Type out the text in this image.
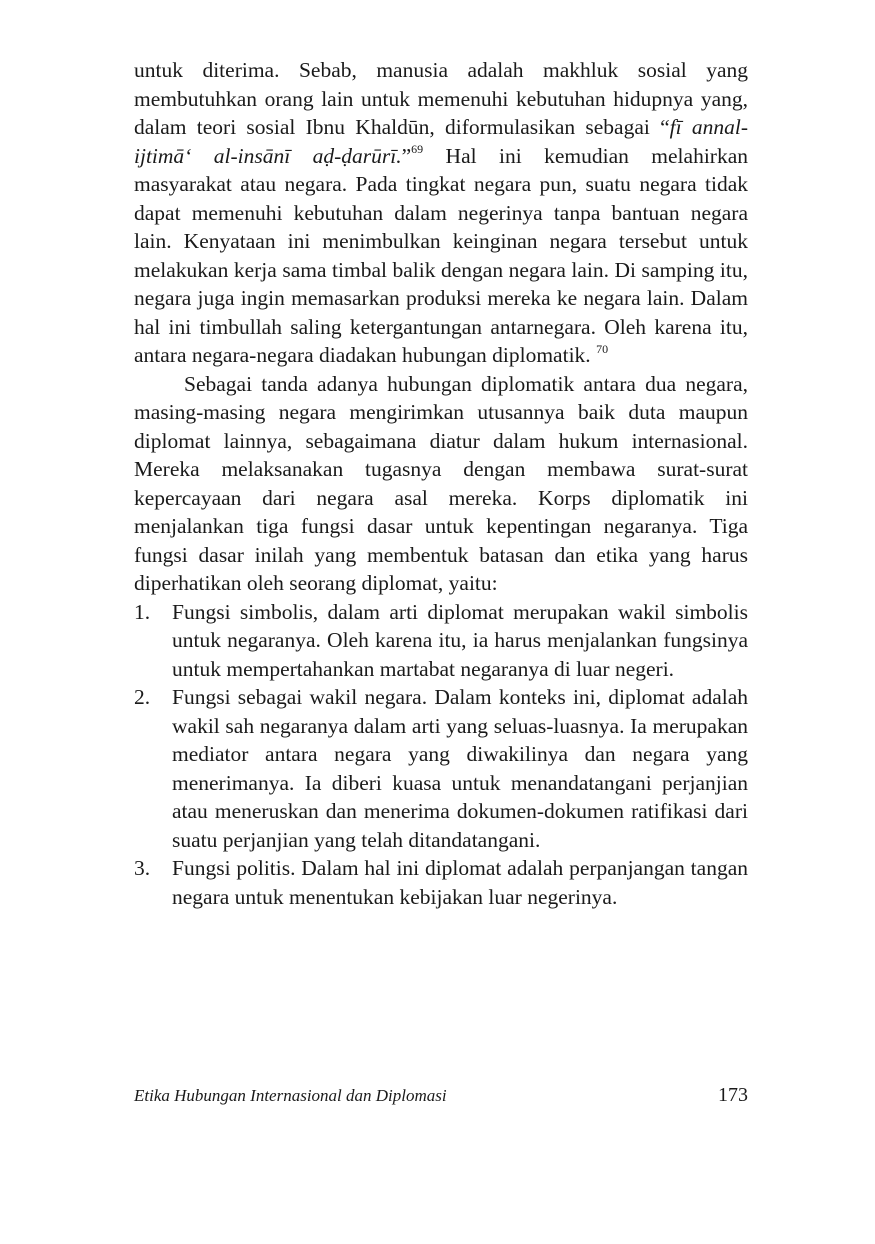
untuk diterima. Sebab, manusia adalah makhluk sosial yang membutuhkan orang lain untuk memenuhi kebutuhan hidupnya yang, dalam teori sosial Ibnu Khaldūn, diformulasikan sebagai “fī annal-ijtimā‘ al-insānī aḍ-ḍarūrī.”$^{69}$ Hal ini kemudian melahirkan masyarakat atau negara. Pada tingkat negara pun, suatu negara tidak dapat memenuhi kebutuhan dalam negerinya tanpa bantuan negara lain. Kenyataan ini menimbulkan keinginan negara tersebut untuk melakukan kerja sama timbal balik dengan negara lain. Di samping itu, negara juga ingin memasarkan produksi mereka ke negara lain. Dalam hal ini timbullah saling ketergantungan antarnegara. Oleh karena itu, antara negara-negara diadakan hubungan diplomatik. $^{70}$

Sebagai tanda adanya hubungan diplomatik antara dua negara, masing-masing negara mengirimkan utusannya baik duta maupun diplomat lainnya, sebagaimana diatur dalam hukum internasional. Mereka melaksanakan tugasnya dengan membawa surat-surat kepercayaan dari negara asal mereka. Korps diplomatik ini menjalankan tiga fungsi dasar untuk kepentingan negaranya. Tiga fungsi dasar inilah yang membentuk batasan dan etika yang harus diperhatikan oleh seorang diplomat, yaitu:

1. Fungsi simbolis, dalam arti diplomat merupakan wakil simbolis untuk negaranya. Oleh karena itu, ia harus menjalankan fungsinya untuk mempertahankan martabat negaranya di luar negeri.
2. Fungsi sebagai wakil negara. Dalam konteks ini, diplomat adalah wakil sah negaranya dalam arti yang seluas-luasnya. Ia merupakan mediator antara negara yang diwakilinya dan negara yang menerimanya. Ia diberi kuasa untuk menandatangani perjanjian atau meneruskan dan menerima dokumen-dokumen ratifikasi dari suatu perjanjian yang telah ditandatangani.
3. Fungsi politis. Dalam hal ini diplomat adalah perpanjangan tangan negara untuk menentukan kebijakan luar negerinya.
Etika Hubungan Internasional dan Diplomasi	173
